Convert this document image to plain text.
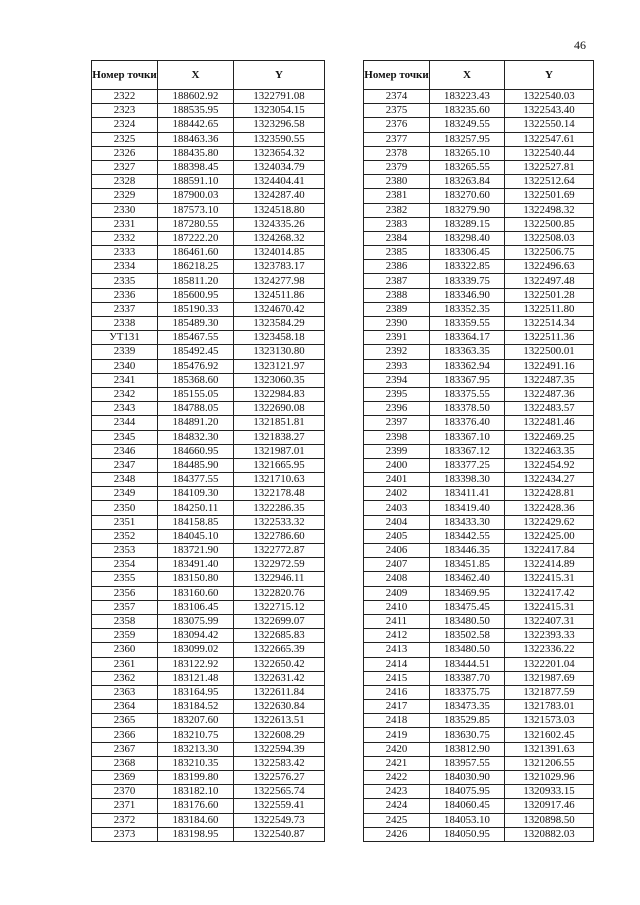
46
Номер точки	X	Y
2322	188602.92	1322791.08
2323	188535.95	1323054.15
2324	188442.65	1323296.58
2325	188463.36	1323590.55
2326	188435.80	1323654.32
2327	188398.45	1324034.79
2328	188591.10	1324404.41
2329	187900.03	1324287.40
2330	187573.10	1324518.80
2331	187280.55	1324335.26
2332	187222.20	1324268.32
2333	186461.60	1324014.85
2334	186218.25	1323783.17
2335	185811.20	1324277.98
2336	185600.95	1324511.86
2337	185190.33	1324670.42
2338	185489.30	1323584.29
УТ131	185467.55	1323458.18
2339	185492.45	1323130.80
2340	185476.92	1323121.97
2341	185368.60	1323060.35
2342	185155.05	1322984.83
2343	184788.05	1322690.08
2344	184891.20	1321851.81
2345	184832.30	1321838.27
2346	184660.95	1321987.01
2347	184485.90	1321665.95
2348	184377.55	1321710.63
2349	184109.30	1322178.48
2350	184250.11	1322286.35
2351	184158.85	1322533.32
2352	184045.10	1322786.60
2353	183721.90	1322772.87
2354	183491.40	1322972.59
2355	183150.80	1322946.11
2356	183160.60	1322820.76
2357	183106.45	1322715.12
2358	183075.99	1322699.07
2359	183094.42	1322685.83
2360	183099.02	1322665.39
2361	183122.92	1322650.42
2362	183121.48	1322631.42
2363	183164.95	1322611.84
2364	183184.52	1322630.84
2365	183207.60	1322613.51
2366	183210.75	1322608.29
2367	183213.30	1322594.39
2368	183210.35	1322583.42
2369	183199.80	1322576.27
2370	183182.10	1322565.74
2371	183176.60	1322559.41
2372	183184.60	1322549.73
2373	183198.95	1322540.87
Номер точки	X	Y
2374	183223.43	1322540.03
2375	183235.60	1322543.40
2376	183249.55	1322550.14
2377	183257.95	1322547.61
2378	183265.10	1322540.44
2379	183265.55	1322527.81
2380	183263.84	1322512.64
2381	183270.60	1322501.69
2382	183279.90	1322498.32
2383	183289.15	1322500.85
2384	183298.40	1322508.03
2385	183306.45	1322506.75
2386	183322.85	1322496.63
2387	183339.75	1322497.48
2388	183346.90	1322501.28
2389	183352.35	1322511.80
2390	183359.55	1322514.34
2391	183364.17	1322511.36
2392	183363.35	1322500.01
2393	183362.94	1322491.16
2394	183367.95	1322487.35
2395	183375.55	1322487.36
2396	183378.50	1322483.57
2397	183376.40	1322481.46
2398	183367.10	1322469.25
2399	183367.12	1322463.35
2400	183377.25	1322454.92
2401	183398.30	1322434.27
2402	183411.41	1322428.81
2403	183419.40	1322428.36
2404	183433.30	1322429.62
2405	183442.55	1322425.00
2406	183446.35	1322417.84
2407	183451.85	1322414.89
2408	183462.40	1322415.31
2409	183469.95	1322417.42
2410	183475.45	1322415.31
2411	183480.50	1322407.31
2412	183502.58	1322393.33
2413	183480.50	1322336.22
2414	183444.51	1322201.04
2415	183387.70	1321987.69
2416	183375.75	1321877.59
2417	183473.35	1321783.01
2418	183529.85	1321573.03
2419	183630.75	1321602.45
2420	183812.90	1321391.63
2421	183957.55	1321206.55
2422	184030.90	1321029.96
2423	184075.95	1320933.15
2424	184060.45	1320917.46
2425	184053.10	1320898.50
2426	184050.95	1320882.03
